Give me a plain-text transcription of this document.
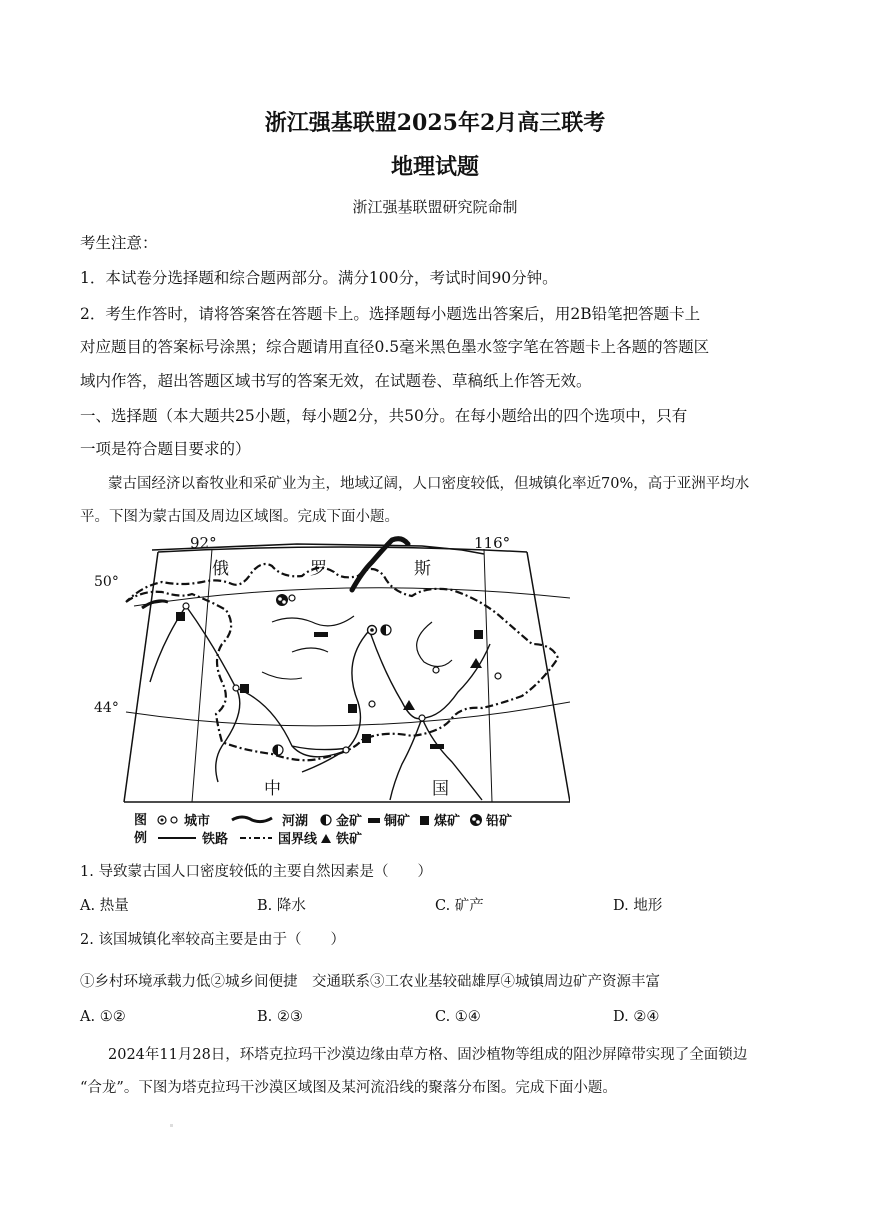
浙江强基联盟2025年2月高三联考
地理试题
浙江强基联盟研究院命制
考生注意：
1．本试卷分选择题和综合题两部分。满分100分，考试时间90分钟。
2．考生作答时，请将答案答在答题卡上。选择题每小题选出答案后，用2B铅笔把答题卡上
对应题目的答案标号涂黑；综合题请用直径0.5毫米黑色墨水签字笔在答题卡上各题的答题区
域内作答，超出答题区域书写的答案无效，在试题卷、草稿纸上作答无效。
一、选择题（本大题共25小题，每小题2分，共50分。在每小题给出的四个选项中，只有
一项是符合题目要求的）
蒙古国经济以畜牧业和采矿业为主，地域辽阔，人口密度较低，但城镇化率近70%，高于亚洲平均水
平。下图为蒙古国及周边区域图。完成下面小题。
92°	116°
俄	罗	斯
中	国
图
例
城市	河湖 金矿 铜矿 煤矿 铅矿
铁路	国界线 铁矿
50°
44°
1. 导致蒙古国人口密度较低的主要自然因素是（　　）
A. 热量	B. 降水	C. 矿产	D. 地形
2. 该国城镇化率较高主要是由于（　　）
①乡村环境承载力低②城乡间便捷　交通联系③工农业基较础雄厚④城镇周边矿产资源丰富
A. ①②	B. ②③	C. ①④	D. ②④
2024年11月28日，环塔克拉玛干沙漠边缘由草方格、固沙植物等组成的阻沙屏障带实现了全面锁边
“合龙”。下图为塔克拉玛干沙漠区域图及某河流沿线的聚落分布图。完成下面小题。
